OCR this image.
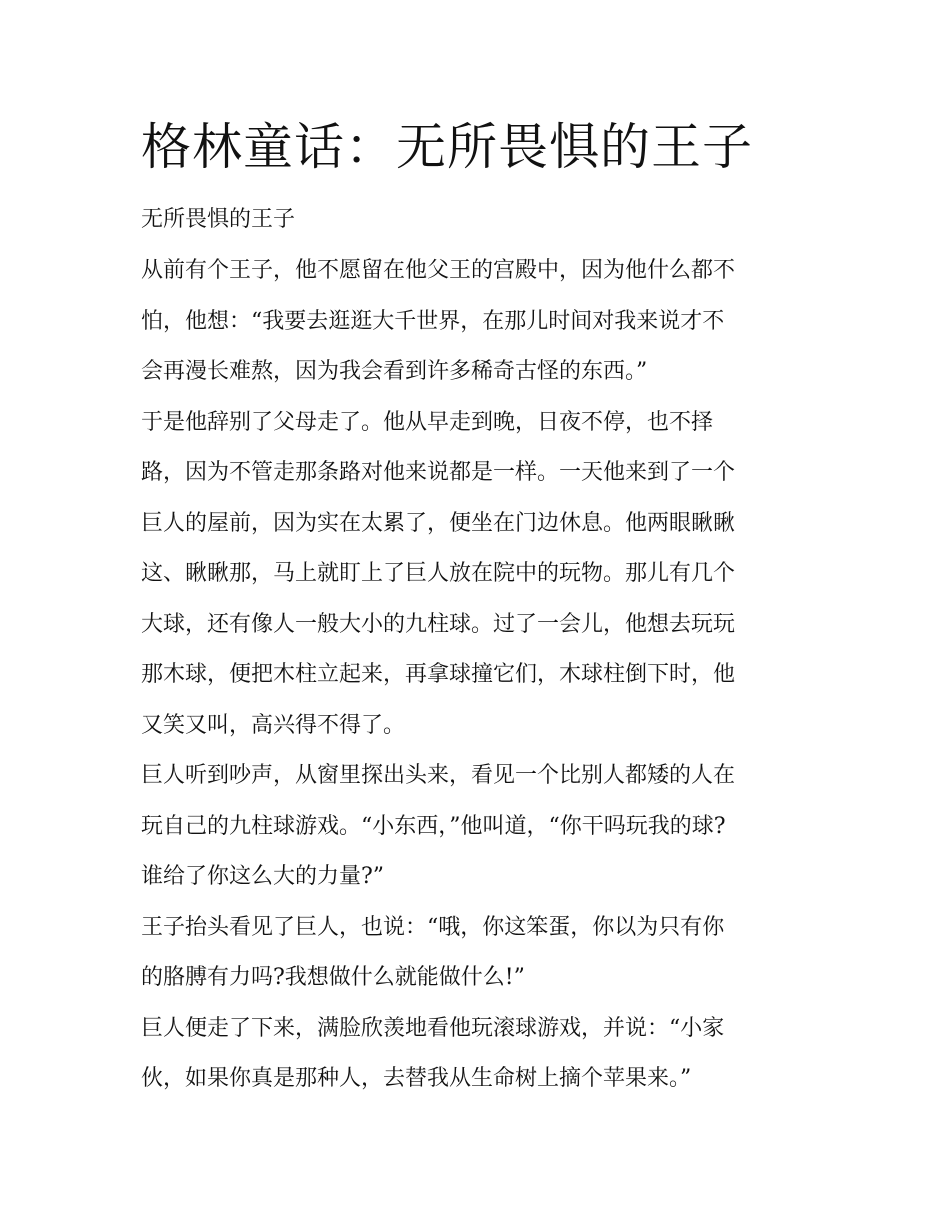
格林童话：无所畏惧的王子
无所畏惧的王子

从前有个王子，他不愿留在他父王的宫殿中，因为他什么都不
怕，他想：“我要去逛逛大千世界，在那儿时间对我来说才不
会再漫长难熬，因为我会看到许多稀奇古怪的东西。”

于是他辞别了父母走了。他从早走到晚，日夜不停，也不择
路，因为不管走那条路对他来说都是一样。一天他来到了一个
巨人的屋前，因为实在太累了，便坐在门边休息。他两眼瞅瞅
这、瞅瞅那，马上就盯上了巨人放在院中的玩物。那儿有几个
大球，还有像人一般大小的九柱球。过了一会儿，他想去玩玩
那木球，便把木柱立起来，再拿球撞它们，木球柱倒下时，他
又笑又叫，高兴得不得了。

巨人听到吵声，从窗里探出头来，看见一个比别人都矮的人在
玩自己的九柱球游戏。“小东西，”他叫道，“你干吗玩我的球?
谁给了你这么大的力量?”

王子抬头看见了巨人，也说：“哦，你这笨蛋，你以为只有你
的胳膊有力吗?我想做什么就能做什么!”

巨人便走了下来，满脸欣羡地看他玩滚球游戏，并说：“小家
伙，如果你真是那种人，去替我从生命树上摘个苹果来。”
